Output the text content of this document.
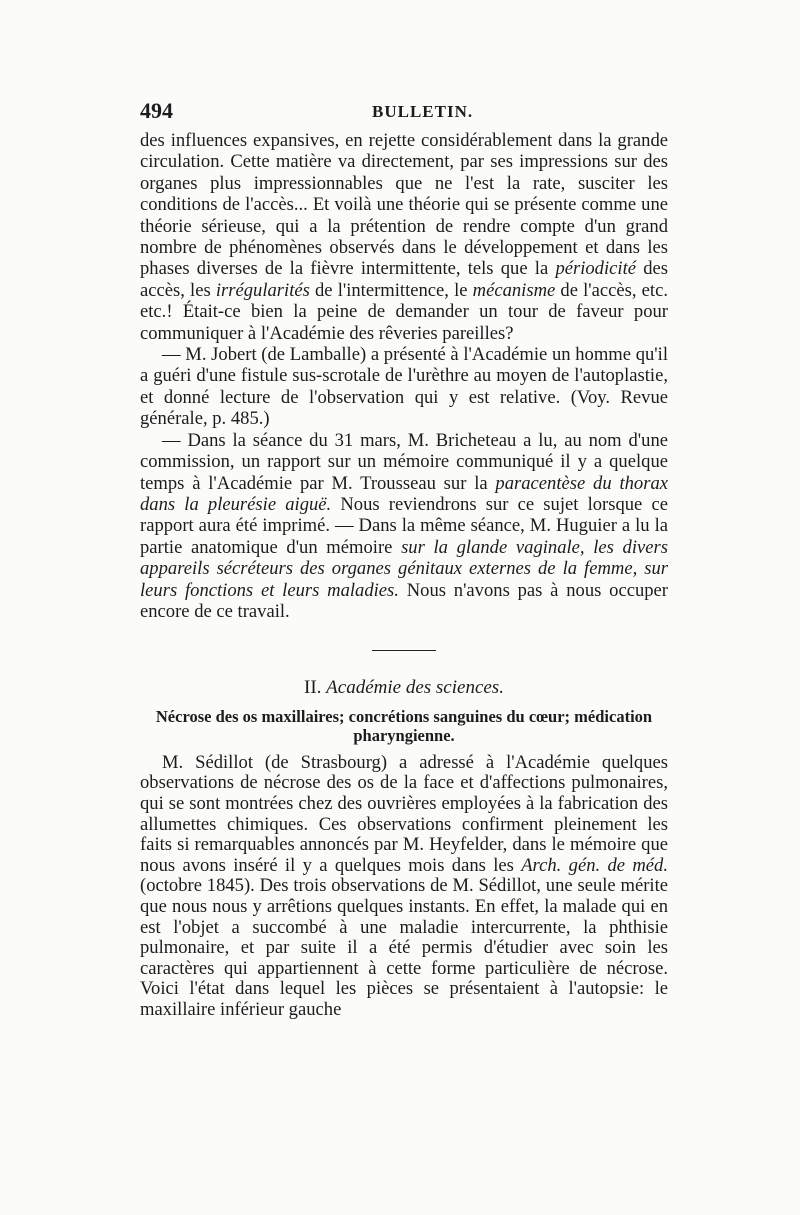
494	BULLETIN.

des influences expansives, en rejette considérablement dans la grande circulation. Cette matière va directement, par ses impressions sur des organes plus impressionnables que ne l'est la rate, susciter les conditions de l'accès... Et voilà une théorie qui se présente comme une théorie sérieuse, qui a la prétention de rendre compte d'un grand nombre de phénomènes observés dans le développement et dans les phases diverses de la fièvre intermittente, tels que la périodicité des accès, les irrégularités de l'intermittence, le mécanisme de l'accès, etc. etc.! Était-ce bien la peine de demander un tour de faveur pour communiquer à l'Académie des rêveries pareilles?

— M. Jobert (de Lamballe) a présenté à l'Académie un homme qu'il a guéri d'une fistule sus-scrotale de l'urèthre au moyen de l'autoplastie, et donné lecture de l'observation qui y est relative. (Voy. Revue générale, p. 485.)

— Dans la séance du 31 mars, M. Bricheteau a lu, au nom d'une commission, un rapport sur un mémoire communiqué il y a quelque temps à l'Académie par M. Trousseau sur la paracentèse du thorax dans la pleurésie aiguë. Nous reviendrons sur ce sujet lorsque ce rapport aura été imprimé. — Dans la même séance, M. Huguier a lu la partie anatomique d'un mémoire sur la glande vaginale, les divers appareils sécréteurs des organes génitaux externes de la femme, sur leurs fonctions et leurs maladies. Nous n'avons pas à nous occuper encore de ce travail.

II. Académie des sciences.
Nécrose des os maxillaires; concrétions sanguines du cœur; médication pharyngienne.

M. Sédillot (de Strasbourg) a adressé à l'Académie quelques observations de nécrose des os de la face et d'affections pulmonaires, qui se sont montrées chez des ouvrières employées à la fabrication des allumettes chimiques. Ces observations confirment pleinement les faits si remarquables annoncés par M. Heyfelder, dans le mémoire que nous avons inséré il y a quelques mois dans les Arch. gén. de méd. (octobre 1845). Des trois observations de M. Sédillot, une seule mérite que nous nous y arrêtions quelques instants. En effet, la malade qui en est l'objet a succombé à une maladie intercurrente, la phthisie pulmonaire, et par suite il a été permis d'étudier avec soin les caractères qui appartiennent à cette forme particulière de nécrose. Voici l'état dans lequel les pièces se présentaient à l'autopsie: le maxillaire inférieur gauche
